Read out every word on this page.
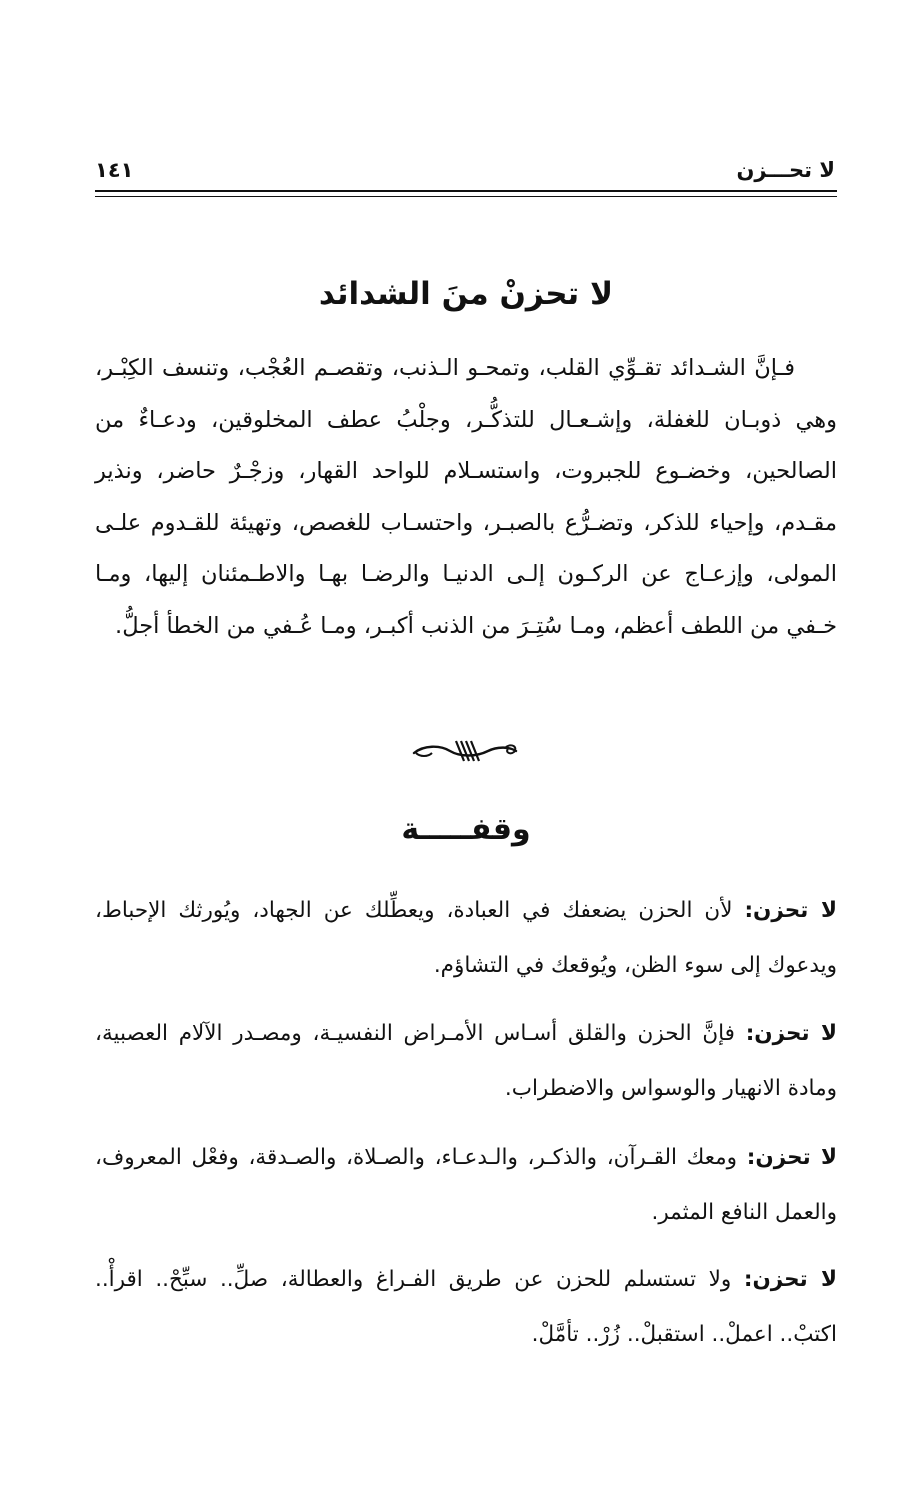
لا تحـــزن
١٤١
لا تحزنْ منَ الشدائد

فـإنَّ الشـدائد تقـوِّي القلب، وتمحـو الـذنب، وتقصـم العُجْب، وتنسف الكِبْـر، وهي ذوبـان للغفلة، وإشـعـال للتذكُّـر، وجلْبُ عطف المخلوقين، ودعـاءٌ من الصالحين، وخضـوع للجبروت، واستسـلام للواحد القهار، وزجْـرٌ حاضر، ونذير مقـدم، وإحياء للذكر، وتضـرُّع بالصبـر، واحتسـاب للغصص، وتهيئة للقـدوم علـى المولى، وإزعـاج عن الركـون إلـى الدنيـا والرضـا بهـا والاطـمئنان إليها، ومـا خـفي من اللطف أعظم، ومـا سُتِـرَ من الذنب أكبـر، ومـا عُـفي من الخطأ أجلُّ.

وقفـــــة

لا تحزن: لأن الحزن يضعفك في العبادة، ويعطِّلك عن الجهاد، ويُورثك الإحباط، ويدعوك إلى سوء الظن، ويُوقعك في التشاؤم.

لا تحزن: فإنَّ الحزن والقلق أسـاس الأمـراض النفسيـة، ومصـدر الآلام العصبية، ومادة الانهيار والوسواس والاضطراب.

لا تحزن: ومعك القـرآن، والذكـر، والـدعـاء، والصـلاة، والصـدقة، وفعْل المعروف، والعمل النافع المثمر.

لا تحزن: ولا تستسلم للحزن عن طريق الفـراغ والعطالة، صلِّ.. سبِّحْ.. اقرأْ.. اكتبْ.. اعملْ.. استقبلْ.. زُرْ.. تأمَّلْ.
